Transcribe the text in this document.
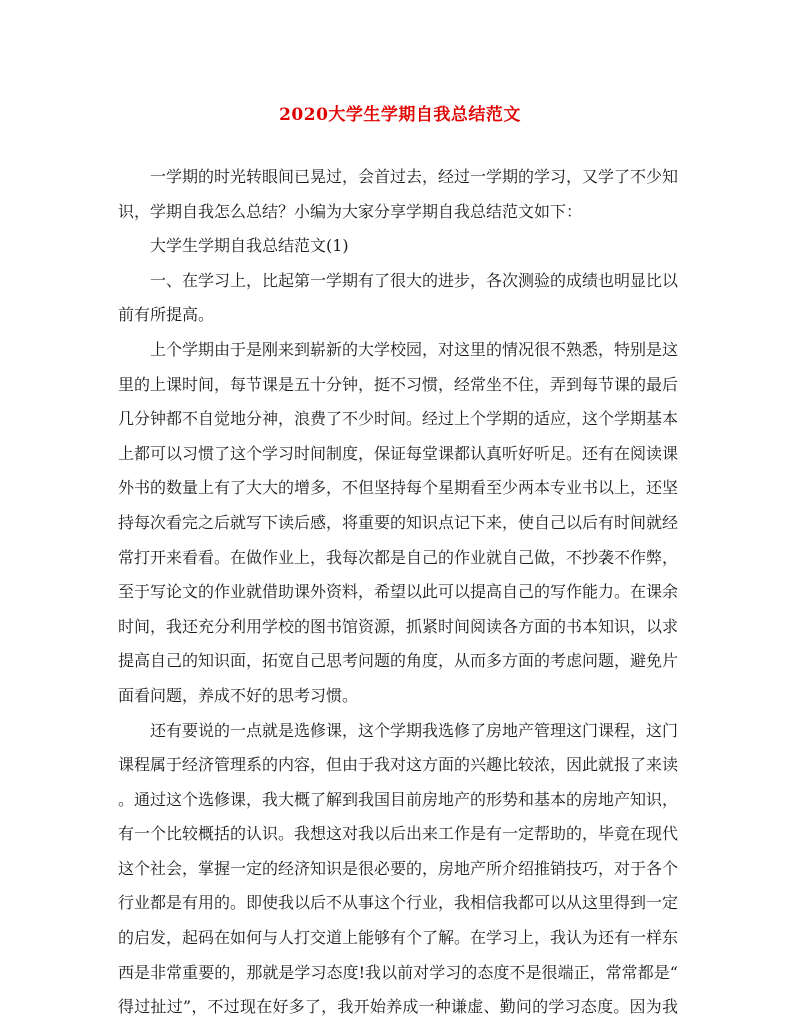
2020大学生学期自我总结范文
一学期的时光转眼间已晃过，会首过去，经过一学期的学习，又学了不少知
识，学期自我怎么总结？小编为大家分享学期自我总结范文如下：
大学生学期自我总结范文(1)
一、在学习上，比起第一学期有了很大的进步，各次测验的成绩也明显比以
前有所提高。
上个学期由于是刚来到崭新的大学校园，对这里的情况很不熟悉，特别是这
里的上课时间，每节课是五十分钟，挺不习惯，经常坐不住，弄到每节课的最后
几分钟都不自觉地分神，浪费了不少时间。经过上个学期的适应，这个学期基本
上都可以习惯了这个学习时间制度，保证每堂课都认真听好听足。还有在阅读课
外书的数量上有了大大的增多，不但坚持每个星期看至少两本专业书以上，还坚
持每次看完之后就写下读后感，将重要的知识点记下来，使自己以后有时间就经
常打开来看看。在做作业上，我每次都是自己的作业就自己做，不抄袭不作弊，
至于写论文的作业就借助课外资料，希望以此可以提高自己的写作能力。在课余
时间，我还充分利用学校的图书馆资源，抓紧时间阅读各方面的书本知识，以求
提高自己的知识面，拓宽自己思考问题的角度，从而多方面的考虑问题，避免片
面看问题，养成不好的思考习惯。
还有要说的一点就是选修课，这个学期我选修了房地产管理这门课程，这门
课程属于经济管理系的内容，但由于我对这方面的兴趣比较浓，因此就报了来读
。通过这个选修课，我大概了解到我国目前房地产的形势和基本的房地产知识，
有一个比较概括的认识。我想这对我以后出来工作是有一定帮助的，毕竟在现代
这个社会，掌握一定的经济知识是很必要的，房地产所介绍推销技巧，对于各个
行业都是有用的。即使我以后不从事这个行业，我相信我都可以从这里得到一定
的启发，起码在如何与人打交道上能够有个了解。在学习上，我认为还有一样东
西是非常重要的，那就是学习态度!我以前对学习的态度不是很端正，常常都是“
得过扯过”，不过现在好多了，我开始养成一种谦虚、勤问的学习态度。因为我
